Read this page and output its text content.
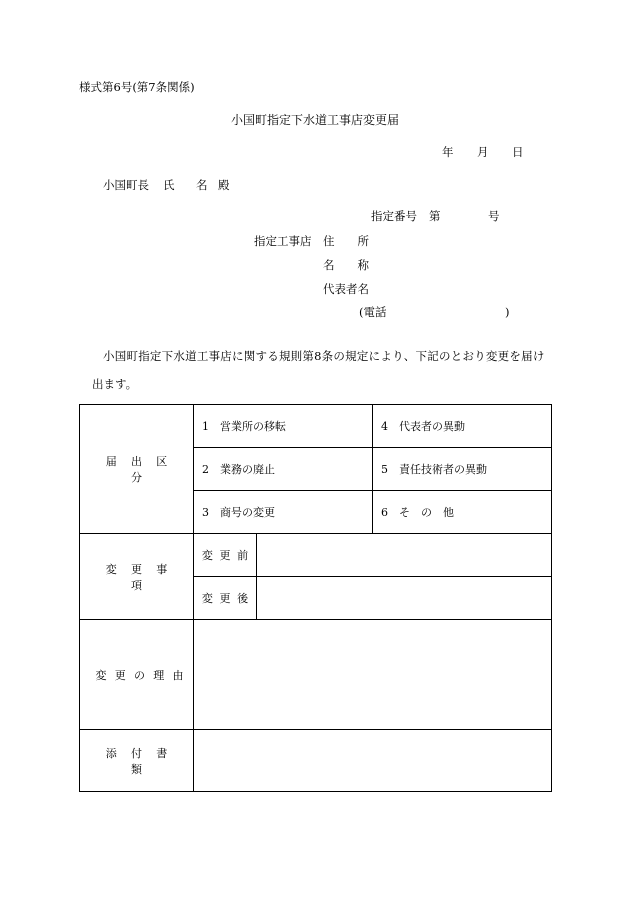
様式第6号(第7条関係)
小国町指定下水道工事店変更届
年 月 日
小国町長 氏 名 殿
指定番号 第	号
指定工事店 住　　所
名　　称
代表者名
(電話	)
小国町指定下水道工事店に関する規則第8条の規定により、下記のとおり変更を届け
出ます。
届出区分	1　営業所の移転		4　代表者の異動
	2　業務の廃止		5　責任技術者の異動
	3　商号の変更		6　そ　の　他
変更事項	変更前		
	変更後		
変更の理由			
添付書類			
